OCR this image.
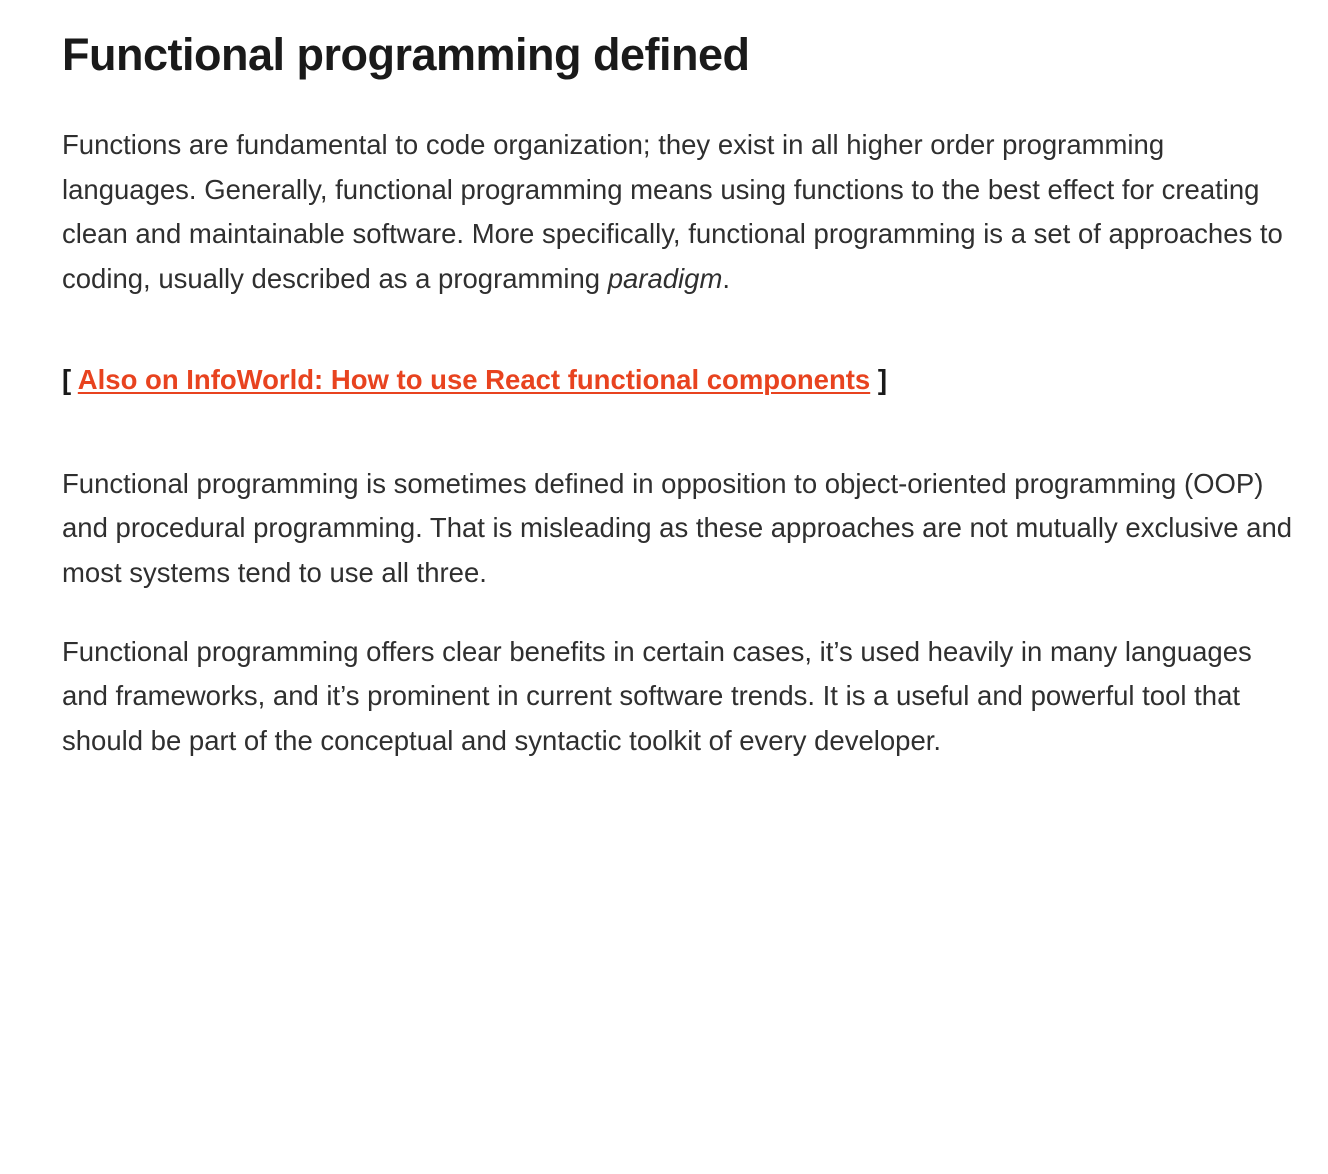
Functional programming defined

Functions are fundamental to code organization; they exist in all higher order programming languages. Generally, functional programming means using functions to the best effect for creating clean and maintainable software. More specifically, functional programming is a set of approaches to coding, usually described as a programming paradigm.

[ Also on InfoWorld: How to use React functional components ]

Functional programming is sometimes defined in opposition to object-oriented programming (OOP) and procedural programming. That is misleading as these approaches are not mutually exclusive and most systems tend to use all three.

Functional programming offers clear benefits in certain cases, it’s used heavily in many languages and frameworks, and it’s prominent in current software trends. It is a useful and powerful tool that should be part of the conceptual and syntactic toolkit of every developer.
